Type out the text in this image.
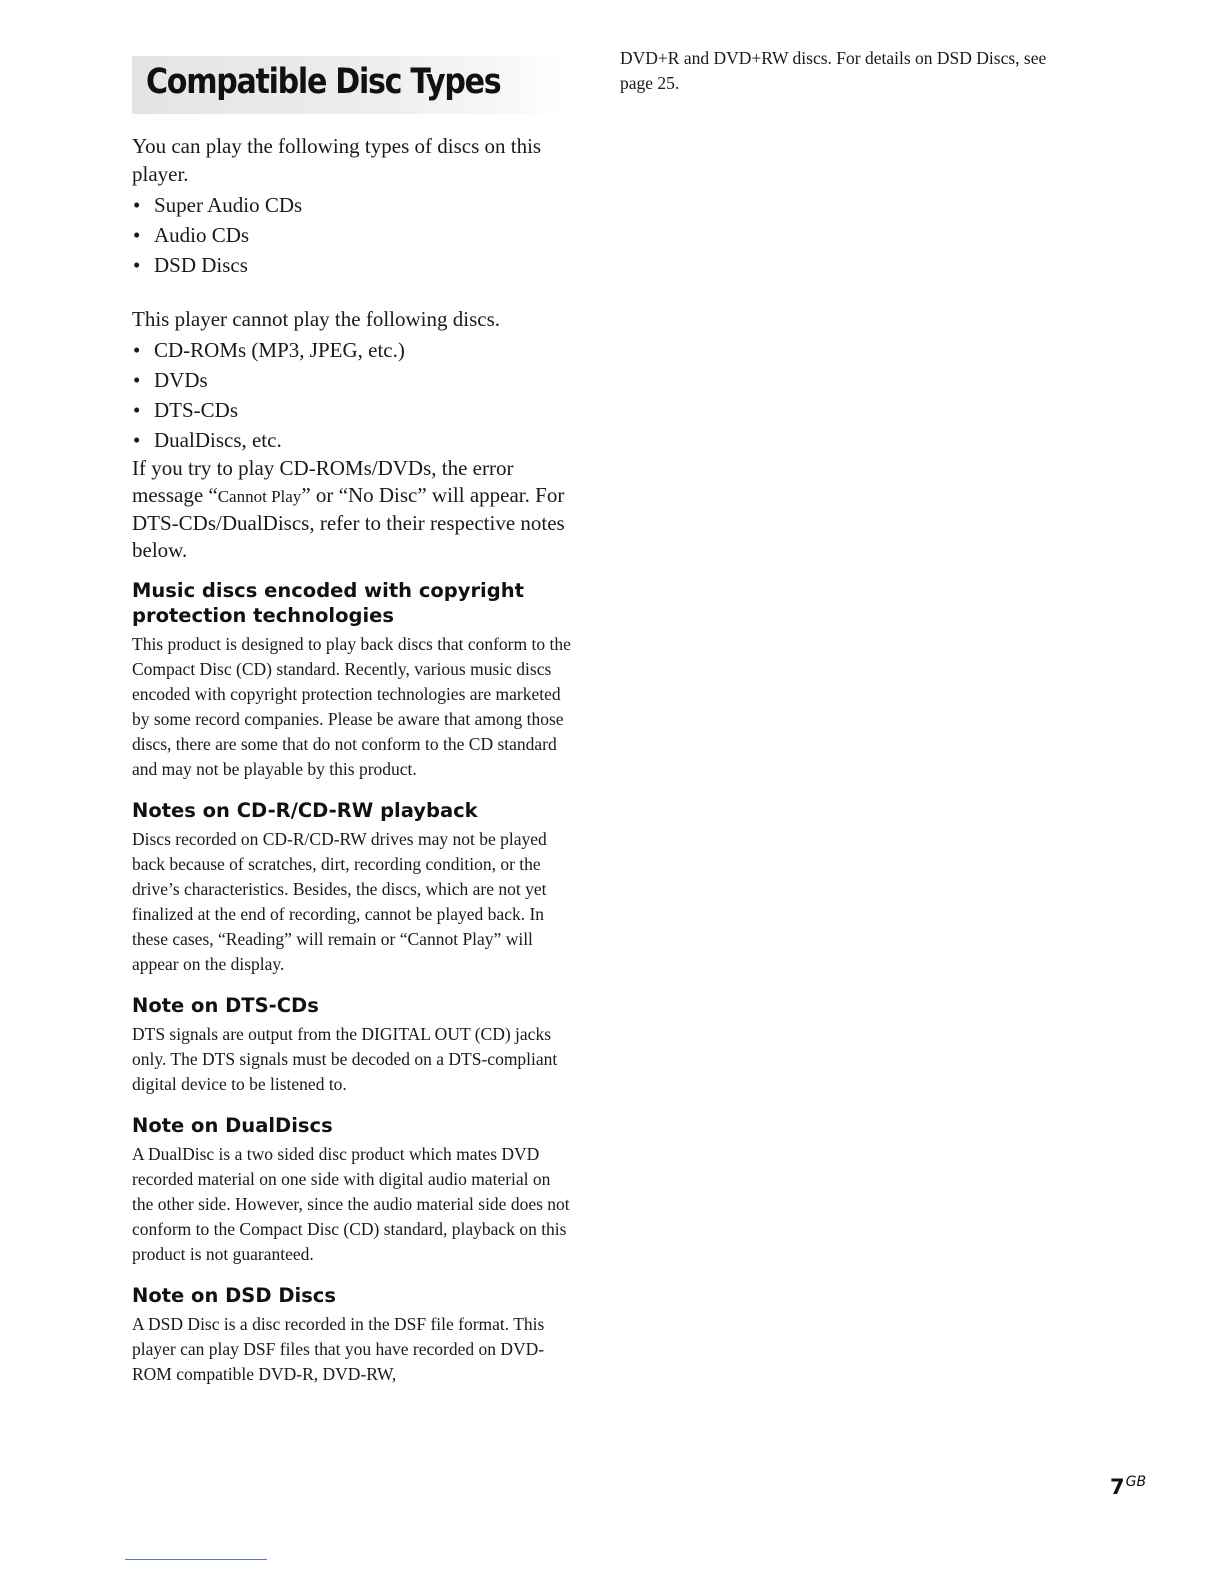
Compatible Disc Types

You can play the following types of discs on this player.

• Super Audio CDs
• Audio CDs
• DSD Discs

This player cannot play the following discs.

• CD-ROMs (MP3, JPEG, etc.)
• DVDs
• DTS-CDs
• DualDiscs, etc.

If you try to play CD-ROMs/DVDs, the error message “Cannot Play” or “No Disc” will appear. For DTS-CDs/DualDiscs, refer to their respective notes below.

Music discs encoded with copyright protection technologies

This product is designed to play back discs that conform to the Compact Disc (CD) standard. Recently, various music discs encoded with copyright protection technologies are marketed by some record companies. Please be aware that among those discs, there are some that do not conform to the CD standard and may not be playable by this product.

Notes on CD-R/CD-RW playback

Discs recorded on CD-R/CD-RW drives may not be played back because of scratches, dirt, recording condition, or the drive’s characteristics. Besides, the discs, which are not yet finalized at the end of recording, cannot be played back. In these cases, “Reading” will remain or “Cannot Play” will appear on the display.

Note on DTS-CDs

DTS signals are output from the DIGITAL OUT (CD) jacks only. The DTS signals must be decoded on a DTS-compliant digital device to be listened to.

Note on DualDiscs

A DualDisc is a two sided disc product which mates DVD recorded material on one side with digital audio material on the other side. However, since the audio material side does not conform to the Compact Disc (CD) standard, playback on this product is not guaranteed.

Note on DSD Discs

A DSD Disc is a disc recorded in the DSF file format. This player can play DSF files that you have recorded on DVD-ROM compatible DVD-R, DVD-RW,

DVD+R and DVD+RW discs. For details on DSD Discs, see page 25.

$7^{GB}$
